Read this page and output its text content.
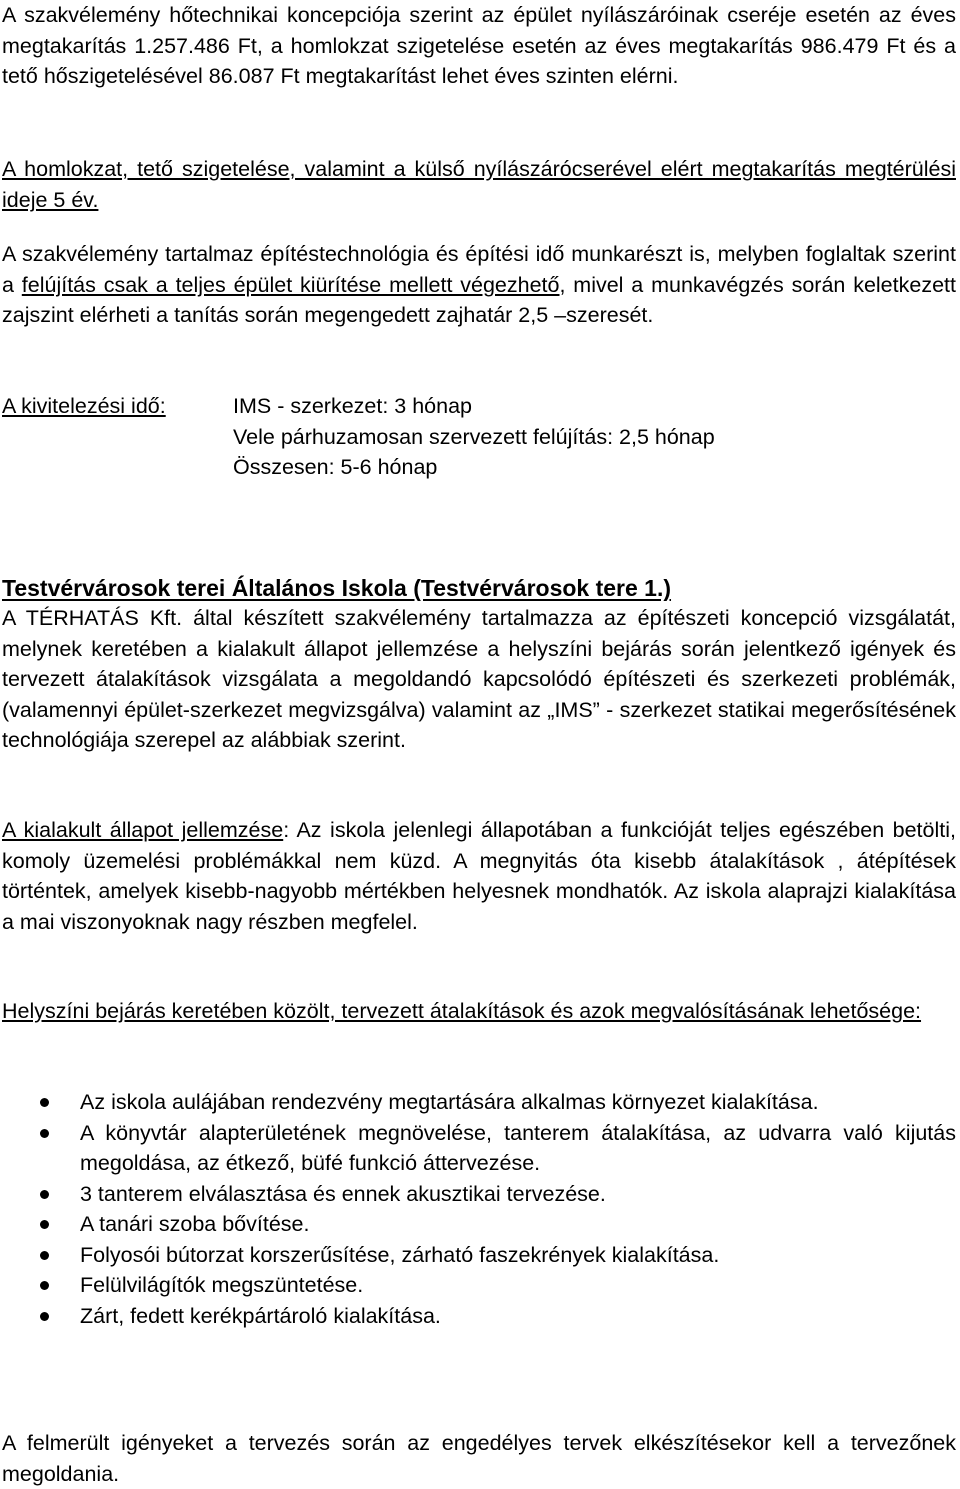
A szakvélemény hőtechnikai koncepciója szerint az épület nyílászáróinak cseréje esetén az éves megtakarítás 1.257.486 Ft, a homlokzat szigetelése esetén az éves megtakarítás 986.479 Ft és a tető hőszigetelésével 86.087 Ft megtakarítást lehet éves szinten elérni.

A homlokzat, tető szigetelése, valamint a külső nyílászárócserével elért megtakarítás megtérülési ideje 5 év.

A szakvélemény tartalmaz építéstechnológia és építési idő munkarészt is, melyben foglaltak szerint a felújítás csak a teljes épület kiürítése mellett végezhető, mivel a munkavégzés során keletkezett zajszint elérheti a tanítás során megengedett zajhatár 2,5 –szeresét.

A kivitelezési idő:	IMS - szerkezet: 3 hónap
Vele párhuzamosan szervezett felújítás: 2,5 hónap
Összesen: 5-6 hónap
Testvérvárosok terei Általános Iskola (Testvérvárosok tere 1.)

A TÉRHATÁS Kft. által készített szakvélemény tartalmazza az építészeti koncepció vizsgálatát, melynek keretében a kialakult állapot jellemzése a helyszíni bejárás során jelentkező igények és tervezett átalakítások vizsgálata a megoldandó kapcsolódó építészeti és szerkezeti problémák, (valamennyi épület-szerkezet megvizsgálva) valamint az „IMS” - szerkezet statikai megerősítésének technológiája szerepel az alábbiak szerint.

A kialakult állapot jellemzése: Az iskola jelenlegi állapotában a funkcióját teljes egészében betölti, komoly üzemelési problémákkal nem küzd. A megnyitás óta kisebb átalakítások , átépítések történtek, amelyek kisebb-nagyobb mértékben helyesnek mondhatók. Az iskola alaprajzi kialakítása a mai viszonyoknak nagy részben megfelel.

Helyszíni bejárás keretében közölt, tervezett átalakítások és azok megvalósításának lehetősége:

Az iskola aulájában rendezvény megtartására alkalmas környezet kialakítása.
A könyvtár alapterületének megnövelése, tanterem átalakítása, az udvarra való kijutás megoldása, az étkező, büfé funkció áttervezése.
3 tanterem elválasztása és ennek akusztikai tervezése.
A tanári szoba bővítése.
Folyosói bútorzat korszerűsítése, zárható faszekrények kialakítása.
Felülvilágítók megszüntetése.
Zárt, fedett kerékpártároló kialakítása.

A felmerült igényeket a tervezés során az engedélyes tervek elkészítésekor kell a tervezőnek megoldania.
